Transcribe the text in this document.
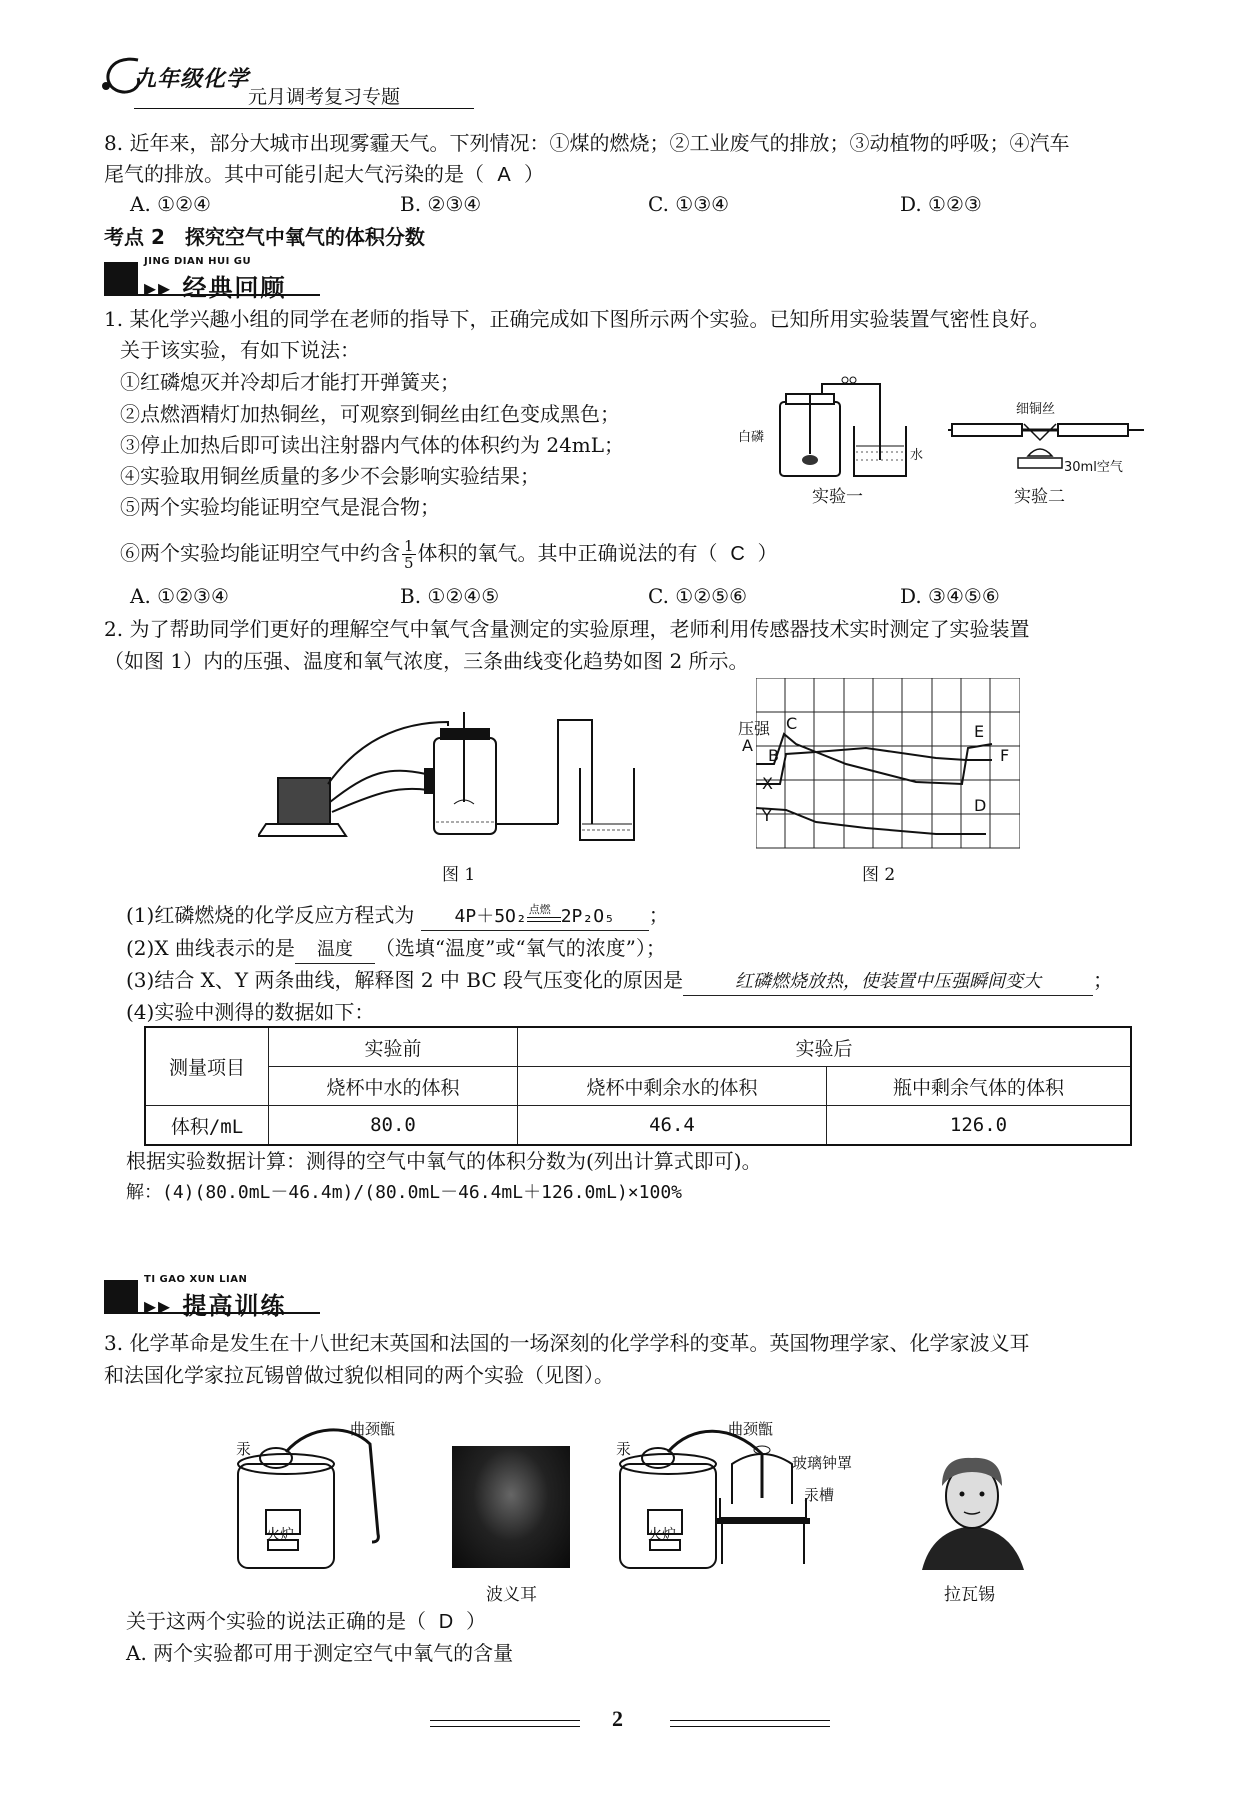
九年级化学
元月调考复习专题
8. 近年来，部分大城市出现雾霾天气。下列情况：①煤的燃烧；②工业废气的排放；③动植物的呼吸；④汽车
尾气的排放。其中可能引起大气污染的是（ A ）
A. ①②④	B. ②③④	C. ①③④	D. ①②③
考点 2　探究空气中氧气的体积分数
JING DIAN HUI GU
▸▸ 经典回顾
1. 某化学兴趣小组的同学在老师的指导下，正确完成如下图所示两个实验。已知所用实验装置气密性良好。
关于该实验，有如下说法：
①红磷熄灭并冷却后才能打开弹簧夹；
②点燃酒精灯加热铜丝，可观察到铜丝由红色变成黑色；
③停止加热后即可读出注射器内气体的体积约为 24mL；
④实验取用铜丝质量的多少不会影响实验结果；
⑤两个实验均能证明空气是混合物；
⑥两个实验均能证明空气中约含 $\frac{1}{5}$ 体积的氧气。其中正确说法的有（ C ）
A. ①②③④	B. ①②④⑤	C. ①②⑤⑥	D. ③④⑤⑥
白磷
水
实验一
细铜丝
30ml空气
实验二
2. 为了帮助同学们更好的理解空气中氧气含量测定的实验原理，老师利用传感器技术实时测定了实验装置
（如图 1）内的压强、温度和氧气浓度，三条曲线变化趋势如图 2 所示。
图 1
压强
A
B
C
X
Y
D
E
F
图 2
(1)红磷燃烧的化学反应方程式为 4P＋5O₂ 点燃 2P₂O₅ ；
(2)X 曲线表示的是 温度 （选填“温度”或“氧气的浓度”）；
(3)结合 X、Y 两条曲线，解释图 2 中 BC 段气压变化的原因是	红磷燃烧放热，使装置中压强瞬间变大	；
(4)实验中测得的数据如下：
测量项目	实验前	实验后	
	烧杯中水的体积	烧杯中剩余水的体积	瓶中剩余气体的体积
体积/mL	80.0	46.4	126.0
根据实验数据计算：测得的空气中氧气的体积分数为(列出计算式即可)。
解：(4)(80.0mL－46.4m)/(80.0mL－46.4mL＋126.0mL)×100%
TI GAO XUN LIAN
▸▸ 提高训练
3. 化学革命是发生在十八世纪末英国和法国的一场深刻的化学学科的变革。英国物理学家、化学家波义耳
和法国化学家拉瓦锡曾做过貌似相同的两个实验（见图）。
汞
曲颈甑
火炉
波义耳
汞
曲颈甑
玻璃钟罩
汞槽
火炉
拉瓦锡
关于这两个实验的说法正确的是（ D ）
A. 两个实验都可用于测定空气中氧气的含量
2
